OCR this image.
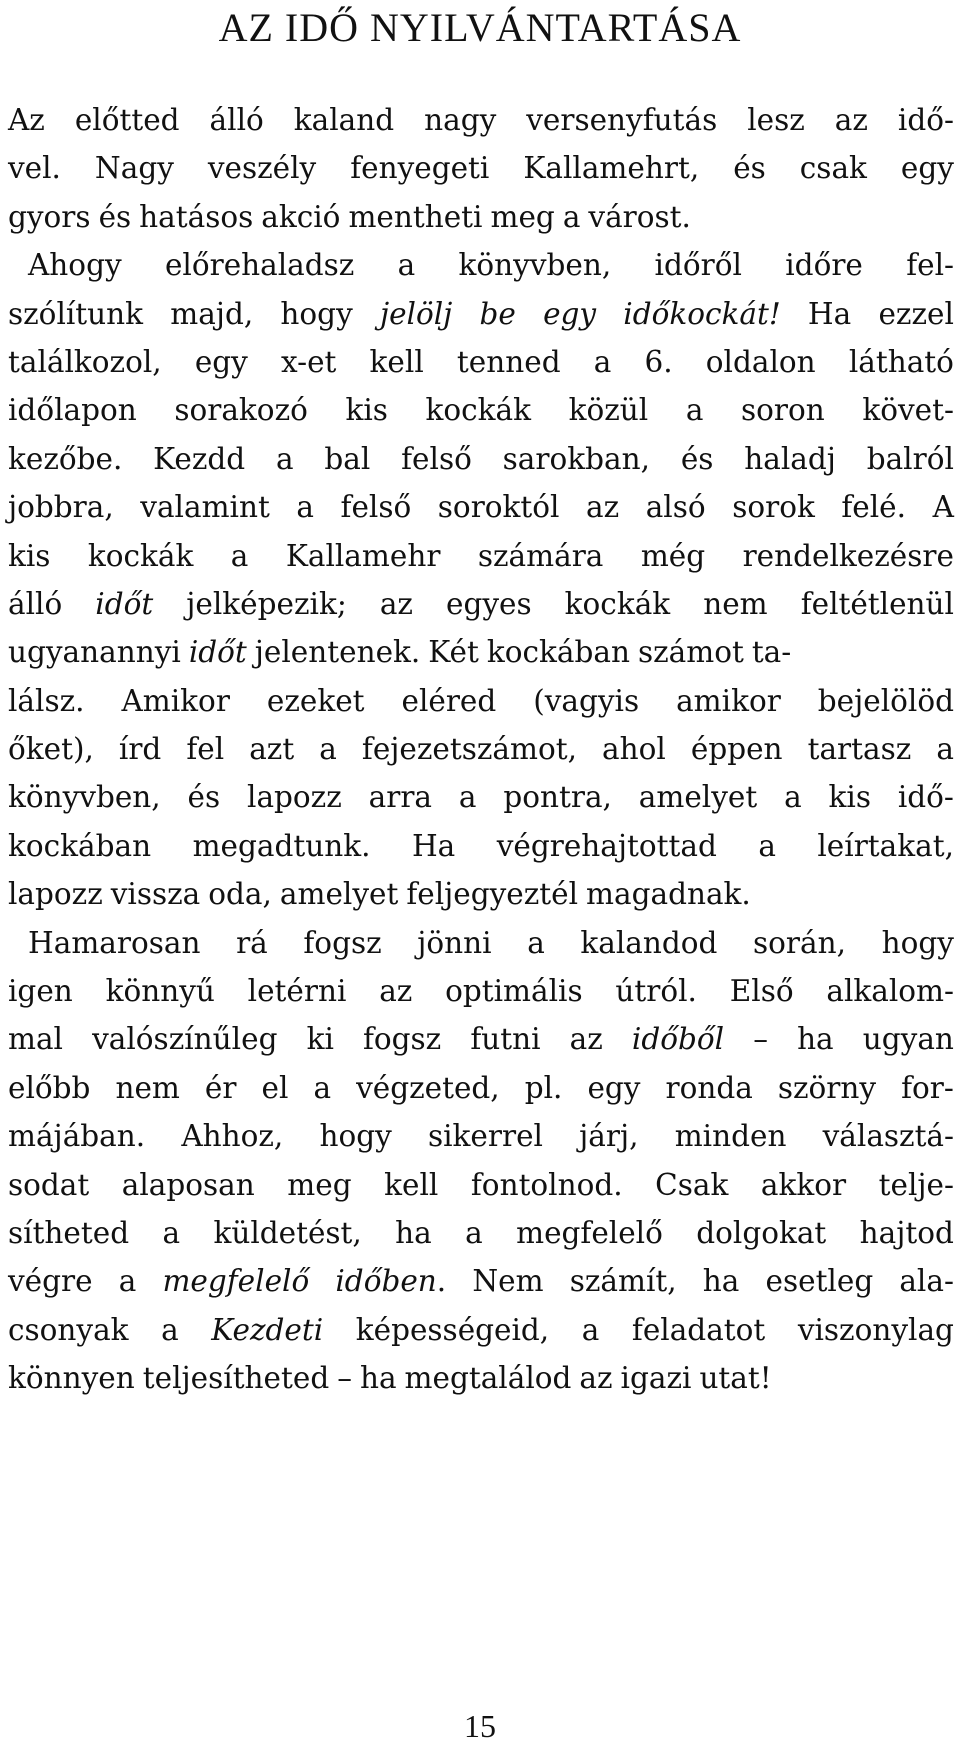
AZ IDŐ NYILVÁNTARTÁSA
Az előtted álló kaland nagy versenyfutás lesz az idő-
vel. Nagy veszély fenyegeti Kallamehrt, és csak egy
gyors és hatásos akció mentheti meg a várost.
Ahogy előrehaladsz a könyvben, időről időre fel-
szólítunk majd, hogy jelölj be egy időkockát! Ha ezzel
találkozol, egy x-et kell tenned a 6. oldalon látható
időlapon sorakozó kis kockák közül a soron követ-
kezőbe. Kezdd a bal felső sarokban, és haladj balról
jobbra, valamint a felső soroktól az alsó sorok felé. A
kis kockák a Kallamehr számára még rendelkezésre
álló időt jelképezik; az egyes kockák nem feltétlenül
ugyanannyi időt jelentenek. Két kockában számot ta-
lálsz. Amikor ezeket eléred (vagyis amikor bejelölöd
őket), írd fel azt a fejezetszámot, ahol éppen tartasz a
könyvben, és lapozz arra a pontra, amelyet a kis idő-
kockában megadtunk. Ha végrehajtottad a leírtakat,
lapozz vissza oda, amelyet feljegyeztél magadnak.
Hamarosan rá fogsz jönni a kalandod során, hogy
igen könnyű letérni az optimális útról. Első alkalom-
mal valószínűleg ki fogsz futni az időből – ha ugyan
előbb nem ér el a végzeted, pl. egy ronda szörny for-
májában. Ahhoz, hogy sikerrel járj, minden választá-
sodat alaposan meg kell fontolnod. Csak akkor telje-
sítheted a küldetést, ha a megfelelő dolgokat hajtod
végre a megfelelő időben. Nem számít, ha esetleg ala-
csonyak a Kezdeti képességeid, a feladatot viszonylag
könnyen teljesítheted – ha megtalálod az igazi utat!
15
